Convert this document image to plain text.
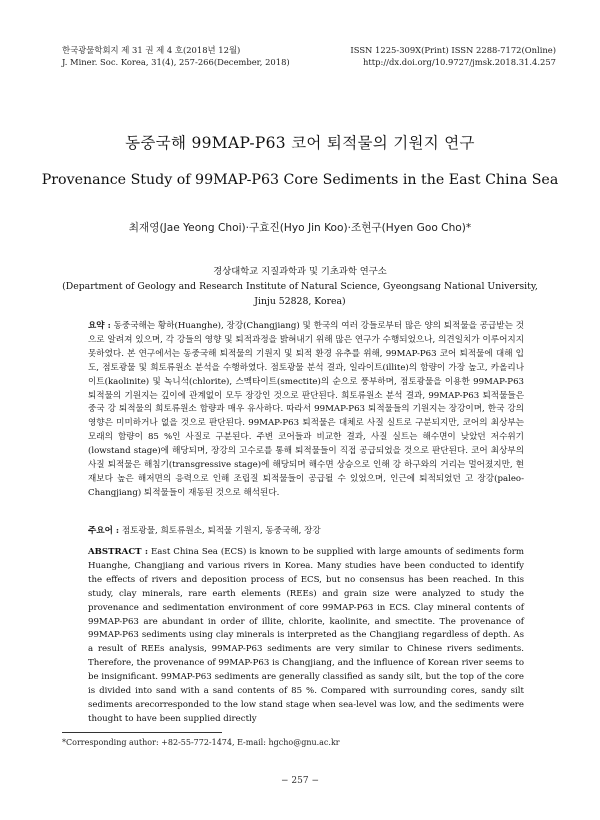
한국광물학회지 제 31 권 제 4 호(2018년 12월)
J. Miner. Soc. Korea, 31(4), 257-266(December, 2018)
ISSN 1225-309X(Print) ISSN 2288-7172(Online)
http://dx.doi.org/10.9727/jmsk.2018.31.4.257
동중국해 99MAP-P63 코어 퇴적물의 기원지 연구
Provenance Study of 99MAP-P63 Core Sediments in the East China Sea
최재영(Jae Yeong Choi)·구효진(Hyo Jin Koo)·조현구(Hyen Goo Cho)*
경상대학교 지질과학과 및 기초과학 연구소
(Department of Geology and Research Institute of Natural Science, Gyeongsang National University, Jinju 52828, Korea)
요약 : 동중국해는 황하(Huanghe), 장강(Changjiang) 및 한국의 여러 강들로부터 많은 양의 퇴적물을 공급받는 것으로 알려져 있으며, 각 강들의 영향 및 퇴적과정을 밝혀내기 위해 많은 연구가 수행되었으나, 의견일치가 이루어지지 못하였다. 본 연구에서는 동중국해 퇴적물의 기원지 및 퇴적 환경 유추를 위해, 99MAP-P63 코어 퇴적물에 대해 입도, 점토광물 및 희토류원소 분석을 수행하였다. 점토광물 분석 결과, 일라이트(illite)의 함량이 가장 높고, 카올리나이트(kaolinite) 및 녹니석(chlorite), 스멕타이트(smectite)의 순으로 풍부하며, 점토광물을 이용한 99MAP-P63 퇴적물의 기원지는 깊이에 관계없이 모두 장강인 것으로 판단된다. 희토류원소 분석 결과, 99MAP-P63 퇴적물들은 중국 강 퇴적물의 희토류원소 함량과 매우 유사하다. 따라서 99MAP-P63 퇴적물들의 기원지는 장강이며, 한국 강의 영향은 미미하거나 없을 것으로 판단된다. 99MAP-P63 퇴적물은 대체로 사질 실트로 구분되지만, 코어의 최상부는 모래의 함량이 85 %인 사질로 구분된다. 주변 코어들과 비교한 결과, 사질 실트는 해수면이 낮았던 저수위기(lowstand stage)에 해당되며, 장강의 고수로를 통해 퇴적물들이 직접 공급되었을 것으로 판단된다. 코어 최상부의 사질 퇴적물은 해침기(transgressive stage)에 해당되며 해수면 상승으로 인해 강 하구와의 거리는 멀어졌지만, 현재보다 높은 해저면의 응력으로 인해 조립질 퇴적물들이 공급될 수 있었으며, 인근에 퇴적되었던 고 장강(paleo-Changjiang) 퇴적물들이 재동된 것으로 해석된다.
주요어 : 점토광물, 희토류원소, 퇴적물 기원지, 동중국해, 장강
ABSTRACT : East China Sea (ECS) is known to be supplied with large amounts of sediments form Huanghe, Changjiang and various rivers in Korea. Many studies have been conducted to identify the effects of rivers and deposition process of ECS, but no consensus has been reached. In this study, clay minerals, rare earth elements (REEs) and grain size were analyzed to study the provenance and sedimentation environment of core 99MAP-P63 in ECS. Clay mineral contents of 99MAP-P63 are abundant in order of illite, chlorite, kaolinite, and smectite. The provenance of 99MAP-P63 sediments using clay minerals is interpreted as the Changjiang regardless of depth. As a result of REEs analysis, 99MAP-P63 sediments are very similar to Chinese rivers sediments. Therefore, the provenance of 99MAP-P63 is Changjiang, and the influence of Korean river seems to be insignificant. 99MAP-P63 sediments are generally classified as sandy silt, but the top of the core is divided into sand with a sand contents of 85 %. Compared with surrounding cores, sandy silt sediments arecorresponded to the low stand stage when sea-level was low, and the sediments were thought to have been supplied directly
*Corresponding author: +82-55-772-1474, E-mail: hgcho@gnu.ac.kr
− 257 −
